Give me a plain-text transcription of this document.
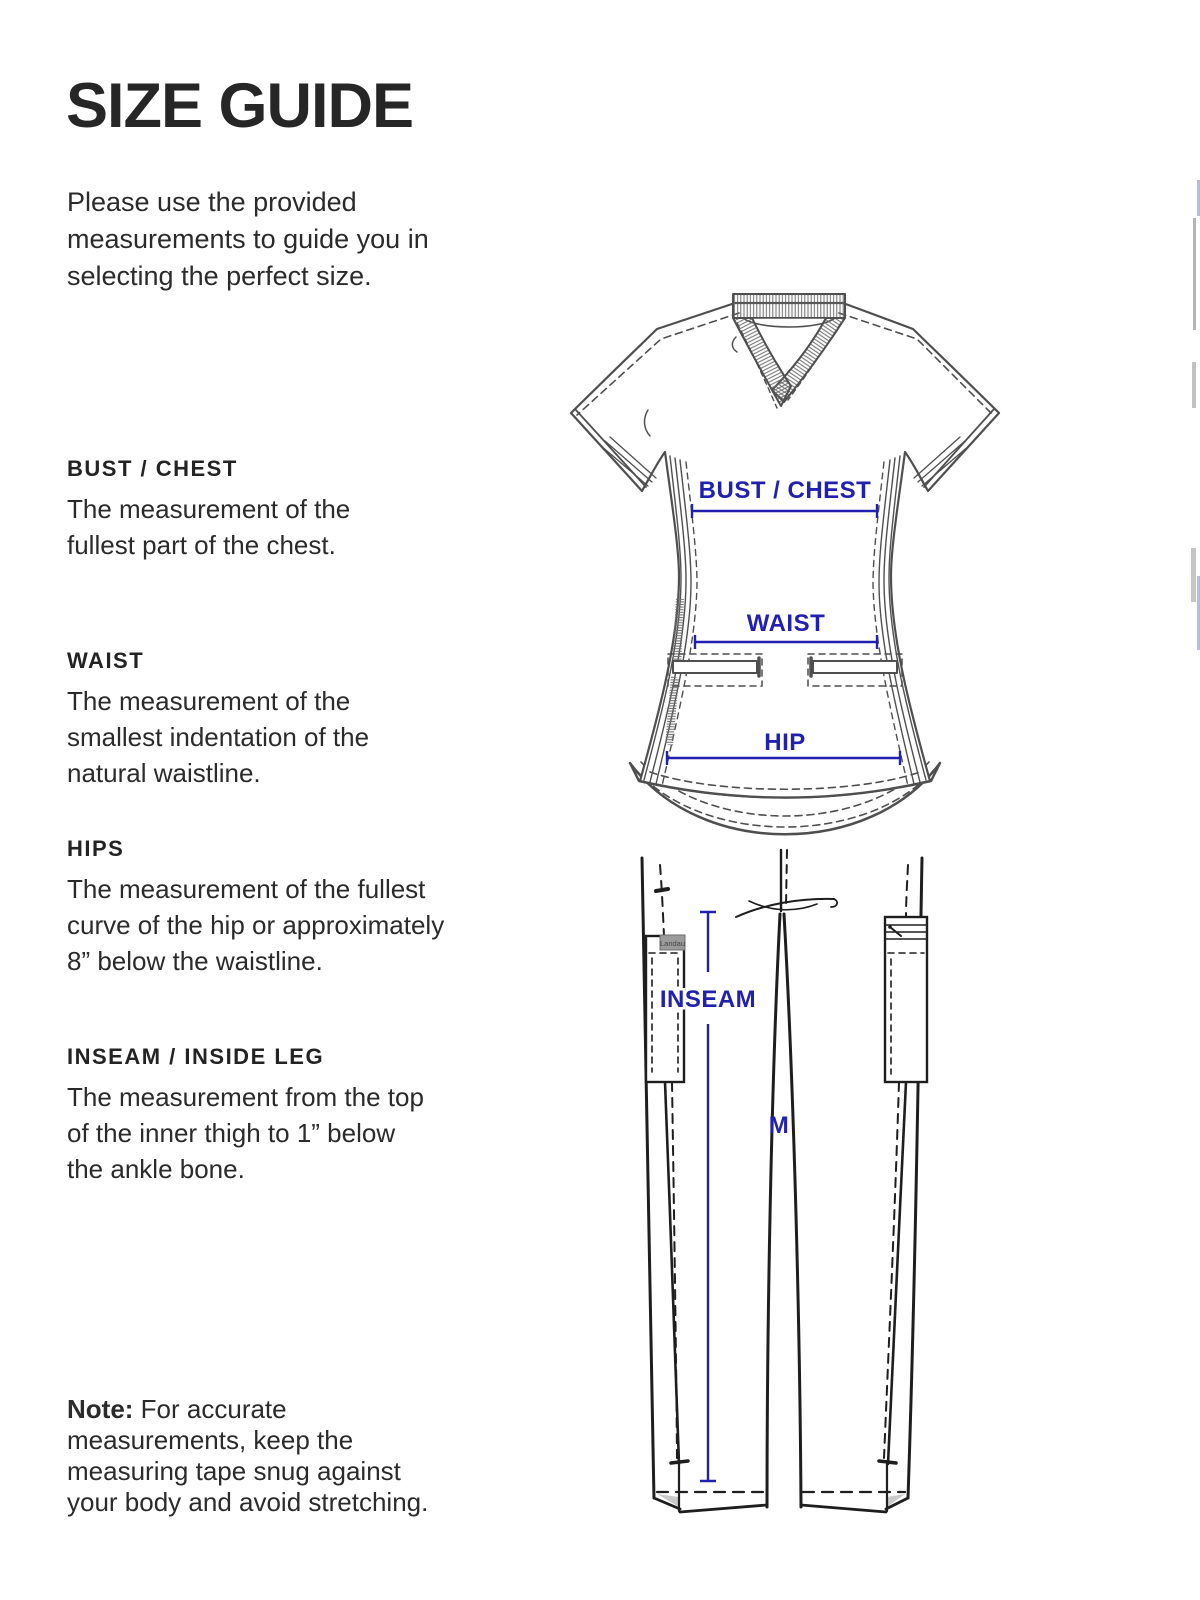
SIZE GUIDE

Please use the provided

measurements to guide you in

selecting the perfect size.

BUST / CHEST

The measurement of the

fullest part of the chest.

WAIST

The measurement of the

smallest indentation of the

natural waistline.

HIPS

The measurement of the fullest

curve of the hip or approximately

8” below the waistline.

INSEAM / INSIDE LEG

The measurement from the top

of the inner thigh to 1” below

the ankle bone.

Note: For accurate

measurements, keep the

measuring tape snug against

your body and avoid stretching.

Landau
BUST / CHEST
WAIST
HIP
INSEAM
M
